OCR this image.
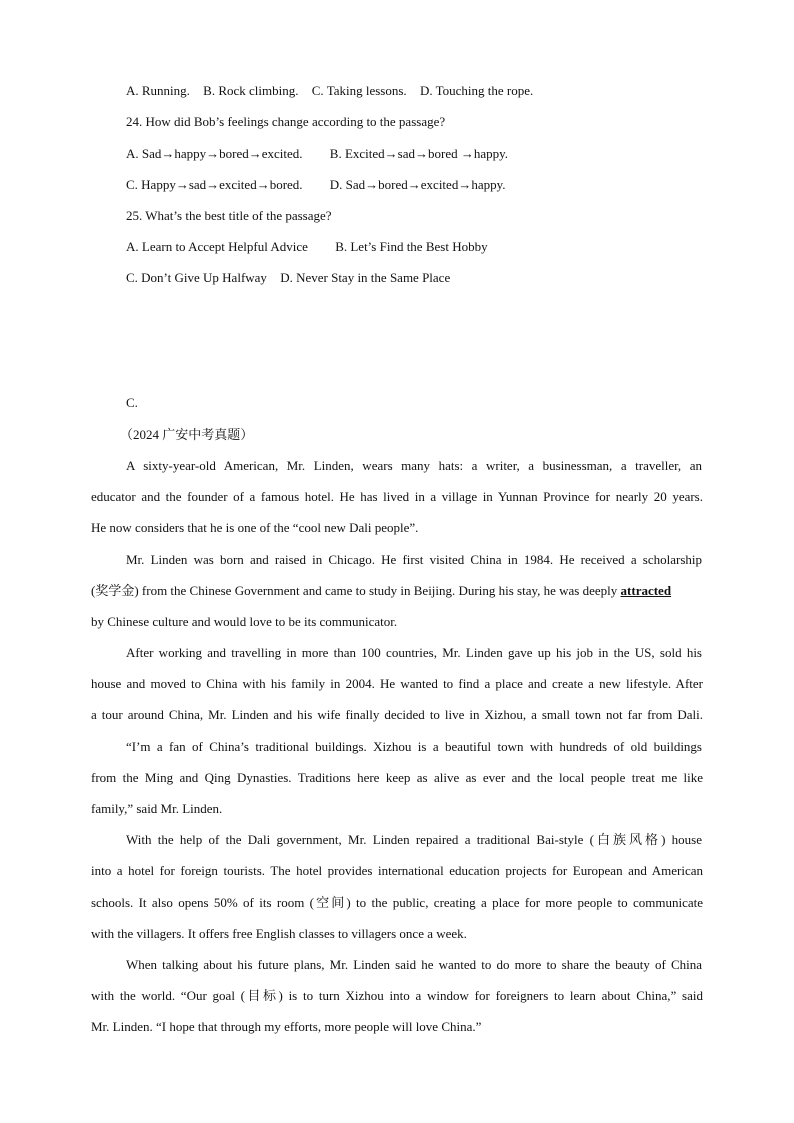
A. Running. B. Rock climbing. C. Taking lessons. D. Touching the rope.
24. How did Bob’s feelings change according to the passage?
A. Sad→happy→bored→excited. B. Excited→sad→bored →happy.
C. Happy→sad→excited→bored. D. Sad→bored→excited→happy.
25. What’s the best title of the passage?
A. Learn to Accept Helpful Advice B. Let’s Find the Best Hobby
C. Don’t Give Up Halfway D. Never Stay in the Same Place
C.
（2024 广安中考真题）
A sixty-year-old American, Mr. Linden, wears many hats: a writer, a businessman, a traveller, an
educator and the founder of a famous hotel. He has lived in a village in Yunnan Province for nearly 20 years.
He now considers that he is one of the “cool new Dali people”.
Mr. Linden was born and raised in Chicago. He first visited China in 1984. He received a scholarship
(奖学金) from the Chinese Government and came to study in Beijing. During his stay, he was deeply attracted
by Chinese culture and would love to be its communicator.
After working and travelling in more than 100 countries, Mr. Linden gave up his job in the US, sold his
house and moved to China with his family in 2004. He wanted to find a place and create a new lifestyle. After
a tour around China, Mr. Linden and his wife finally decided to live in Xizhou, a small town not far from Dali.
“I’m a fan of China’s traditional buildings. Xizhou is a beautiful town with hundreds of old buildings
from the Ming and Qing Dynasties. Traditions here keep as alive as ever and the local people treat me like
family,” said Mr. Linden.
With the help of the Dali government, Mr. Linden repaired a traditional Bai-style (白族风格) house
into a hotel for foreign tourists. The hotel provides international education projects for European and American
schools. It also opens 50% of its room (空间) to the public, creating a place for more people to communicate
with the villagers. It offers free English classes to villagers once a week.
When talking about his future plans, Mr. Linden said he wanted to do more to share the beauty of China
with the world. “Our goal (目标) is to turn Xizhou into a window for foreigners to learn about China,” said
Mr. Linden. “I hope that through my efforts, more people will love China.”
